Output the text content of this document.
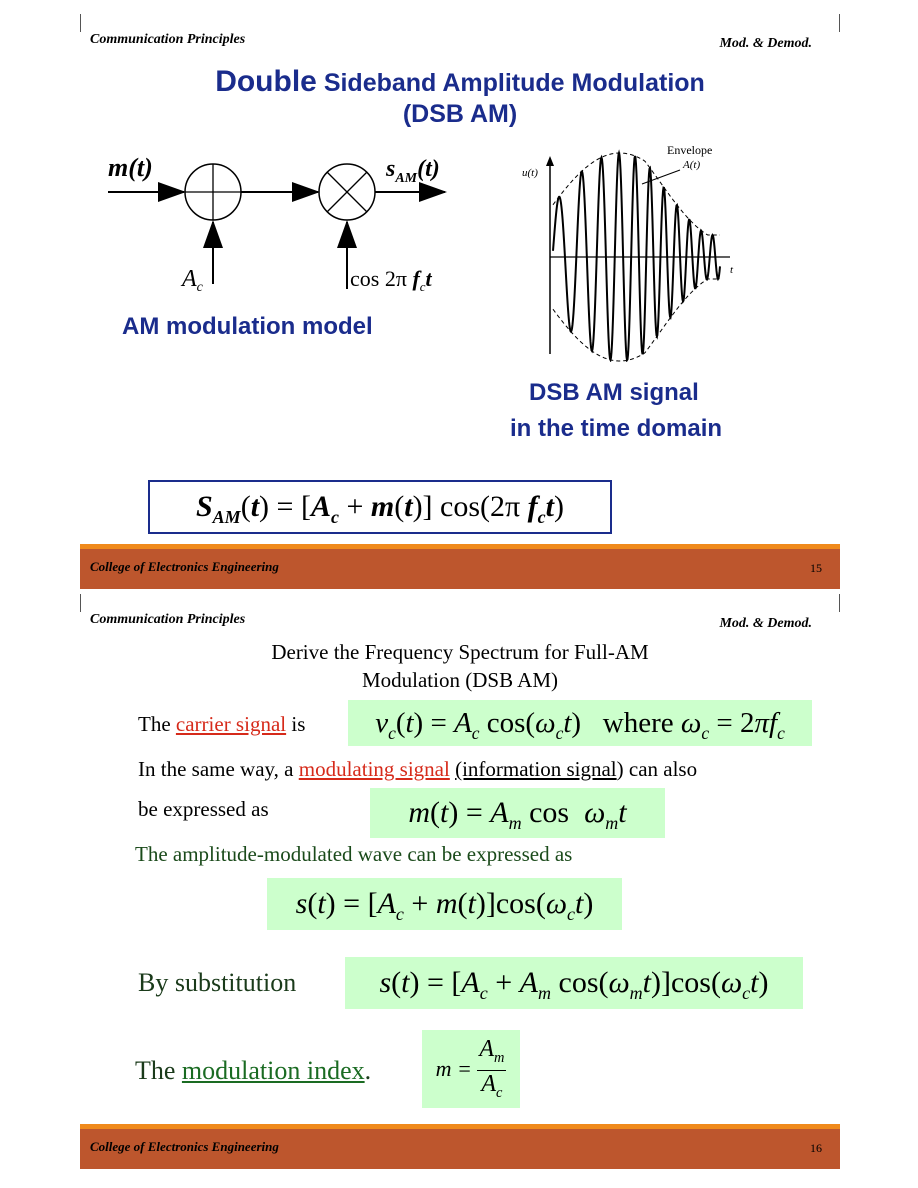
Communication Principles	Mod. & Demod.
Double Sideband Amplitude Modulation
(DSB AM)
m(t)	$s_{AM}(t)$
$A_c$	cos 2π $f_ct$
AM modulation model
u(t)
t
Envelope
A(t)
DSB AM signal
in the time domain
$S_{AM}(t) = [A_c + m(t)]$ cos(2π $f_ct$)
College of Electronics Engineering	15
Communication Principles	Mod. & Demod.
Derive the Frequency Spectrum for Full-AM
Modulation (DSB AM)
The carrier signal is	$v_c(t) = A_c$ $\cos(\omega_ct)$   where $\omega_c = 2\pi f_c$
In the same way, a modulating signal (information signal) can also
be expressed as	$m(t) = A_m$ $\cos \omega_mt$
The amplitude-modulated wave can be expressed as
$s(t) = [A_c + m(t)]\cos(\omega_ct)$
By substitution	$s(t) = [A_c + A_m$ $\cos(\omega_mt)]\cos(\omega_ct)$
The modulation index.	$m = \frac{A_m}{A_c}$
College of Electronics Engineering	16
